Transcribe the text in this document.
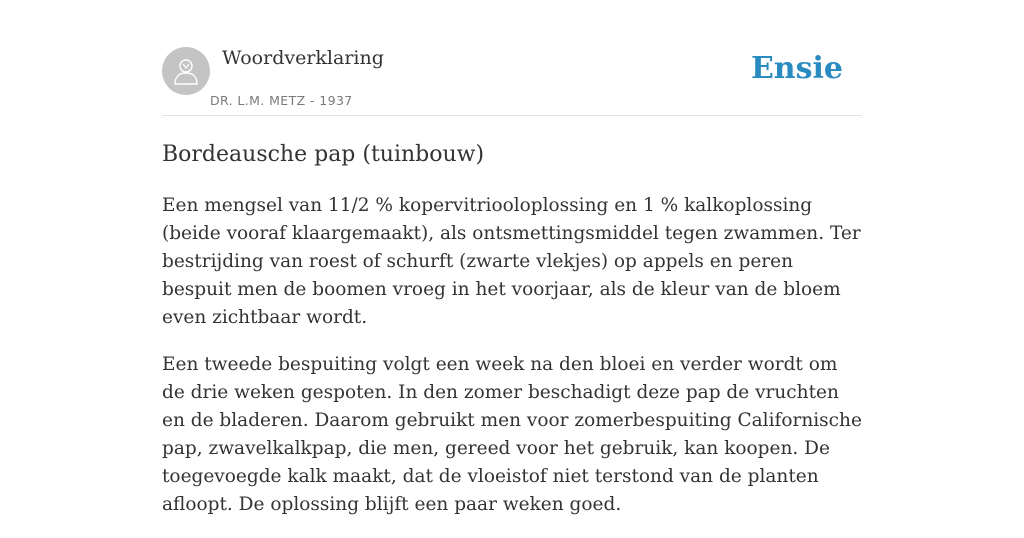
Woordverklaring
DR. L.M. METZ - 1937
Ensie
Bordeausche pap (tuinbouw)

Een mengsel van 11/2 % kopervitriooloplossing en 1 % kalkoplossing (beide vooraf klaargemaakt), als ontsmettingsmiddel tegen zwammen. Ter bestrijding van roest of schurft (zwarte vlekjes) op appels en peren bespuit men de boomen vroeg in het voorjaar, als de kleur van de bloem even zichtbaar wordt.

Een tweede bespuiting volgt een week na den bloei en verder wordt om de drie weken gespoten. In den zomer beschadigt deze pap de vruchten en de bladeren. Daarom gebruikt men voor zomerbespuiting Californische pap, zwavelkalkpap, die men, gereed voor het gebruik, kan koopen. De toegevoegde kalk maakt, dat de vloeistof niet terstond van de planten afloopt. De oplossing blijft een paar weken goed.
